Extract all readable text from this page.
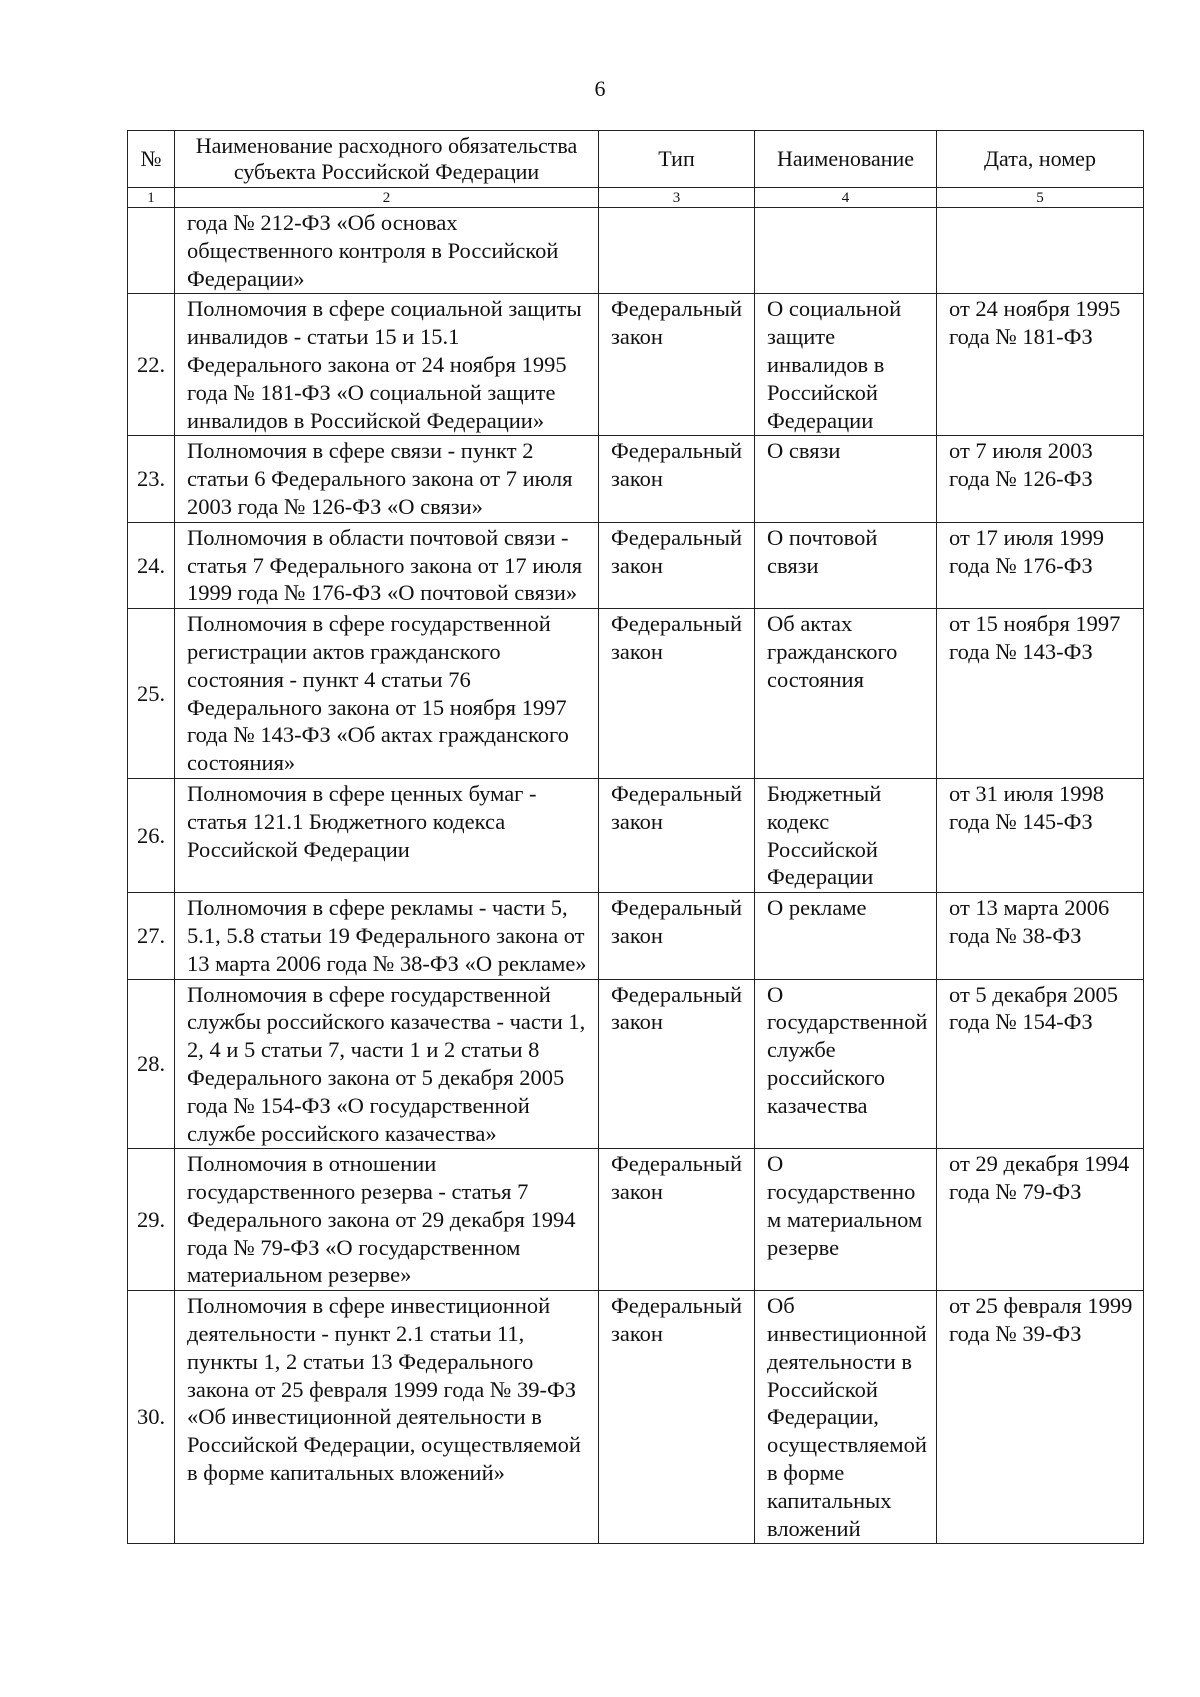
6
№	Наименование расходного обязательства субъекта Российской Федерации	Тип	Наименование	Дата, номер
1	2	3	4	5
	года № 212-ФЗ «Об основах общественного контроля в Российской Федерации»			
22.	Полномочия в сфере социальной защиты инвалидов - статьи 15 и 15.1 Федерального закона от 24 ноября 1995 года № 181-ФЗ «О социальной защите инвалидов в Российской Федерации»	Федеральный закон	О социальной защите инвалидов в Российской Федерации	от 24 ноября 1995 года № 181-ФЗ
23.	Полномочия в сфере связи - пункт 2 статьи 6 Федерального закона от 7 июля 2003 года № 126-ФЗ «О связи»	Федеральный закон	О связи	от 7 июля 2003 года № 126-ФЗ
24.	Полномочия в области почтовой связи - статья 7 Федерального закона от 17 июля 1999 года № 176-ФЗ «О почтовой связи»	Федеральный закон	О почтовой связи	от 17 июля 1999 года № 176-ФЗ
25.	Полномочия в сфере государственной регистрации актов гражданского состояния - пункт 4 статьи 76 Федерального закона от 15 ноября 1997 года № 143-ФЗ «Об актах гражданского состояния»	Федеральный закон	Об актах гражданского состояния	от 15 ноября 1997 года № 143-ФЗ
26.	Полномочия в сфере ценных бумаг - статья 121.1 Бюджетного кодекса Российской Федерации	Федеральный закон	Бюджетный кодекс Российской Федерации	от 31 июля 1998 года № 145-ФЗ
27.	Полномочия в сфере рекламы - части 5, 5.1, 5.8 статьи 19 Федерального закона от 13 марта 2006 года № 38-ФЗ «О рекламе»	Федеральный закон	О рекламе	от 13 марта 2006 года № 38-ФЗ
28.	Полномочия в сфере государственной службы российского казачества - части 1, 2, 4 и 5 статьи 7, части 1 и 2 статьи 8 Федерального закона от 5 декабря 2005 года № 154-ФЗ «О государственной службе российского казачества»	Федеральный закон	О государственной службе российского казачества	от 5 декабря 2005 года № 154-ФЗ
29.	Полномочия в отношении государственного резерва - статья 7 Федерального закона от 29 декабря 1994 года № 79-ФЗ «О государственном материальном резерве»	Федеральный закон	О государственном материальном резерве	от 29 декабря 1994 года № 79-ФЗ
30.	Полномочия в сфере инвестиционной деятельности - пункт 2.1 статьи 11, пункты 1, 2 статьи 13 Федерального закона от 25 февраля 1999 года № 39-ФЗ «Об инвестиционной деятельности в Российской Федерации, осуществляемой в форме капитальных вложений»	Федеральный закон	Об инвестиционной деятельности в Российской Федерации, осуществляемой в форме капитальных вложений	от 25 февраля 1999 года № 39-ФЗ
